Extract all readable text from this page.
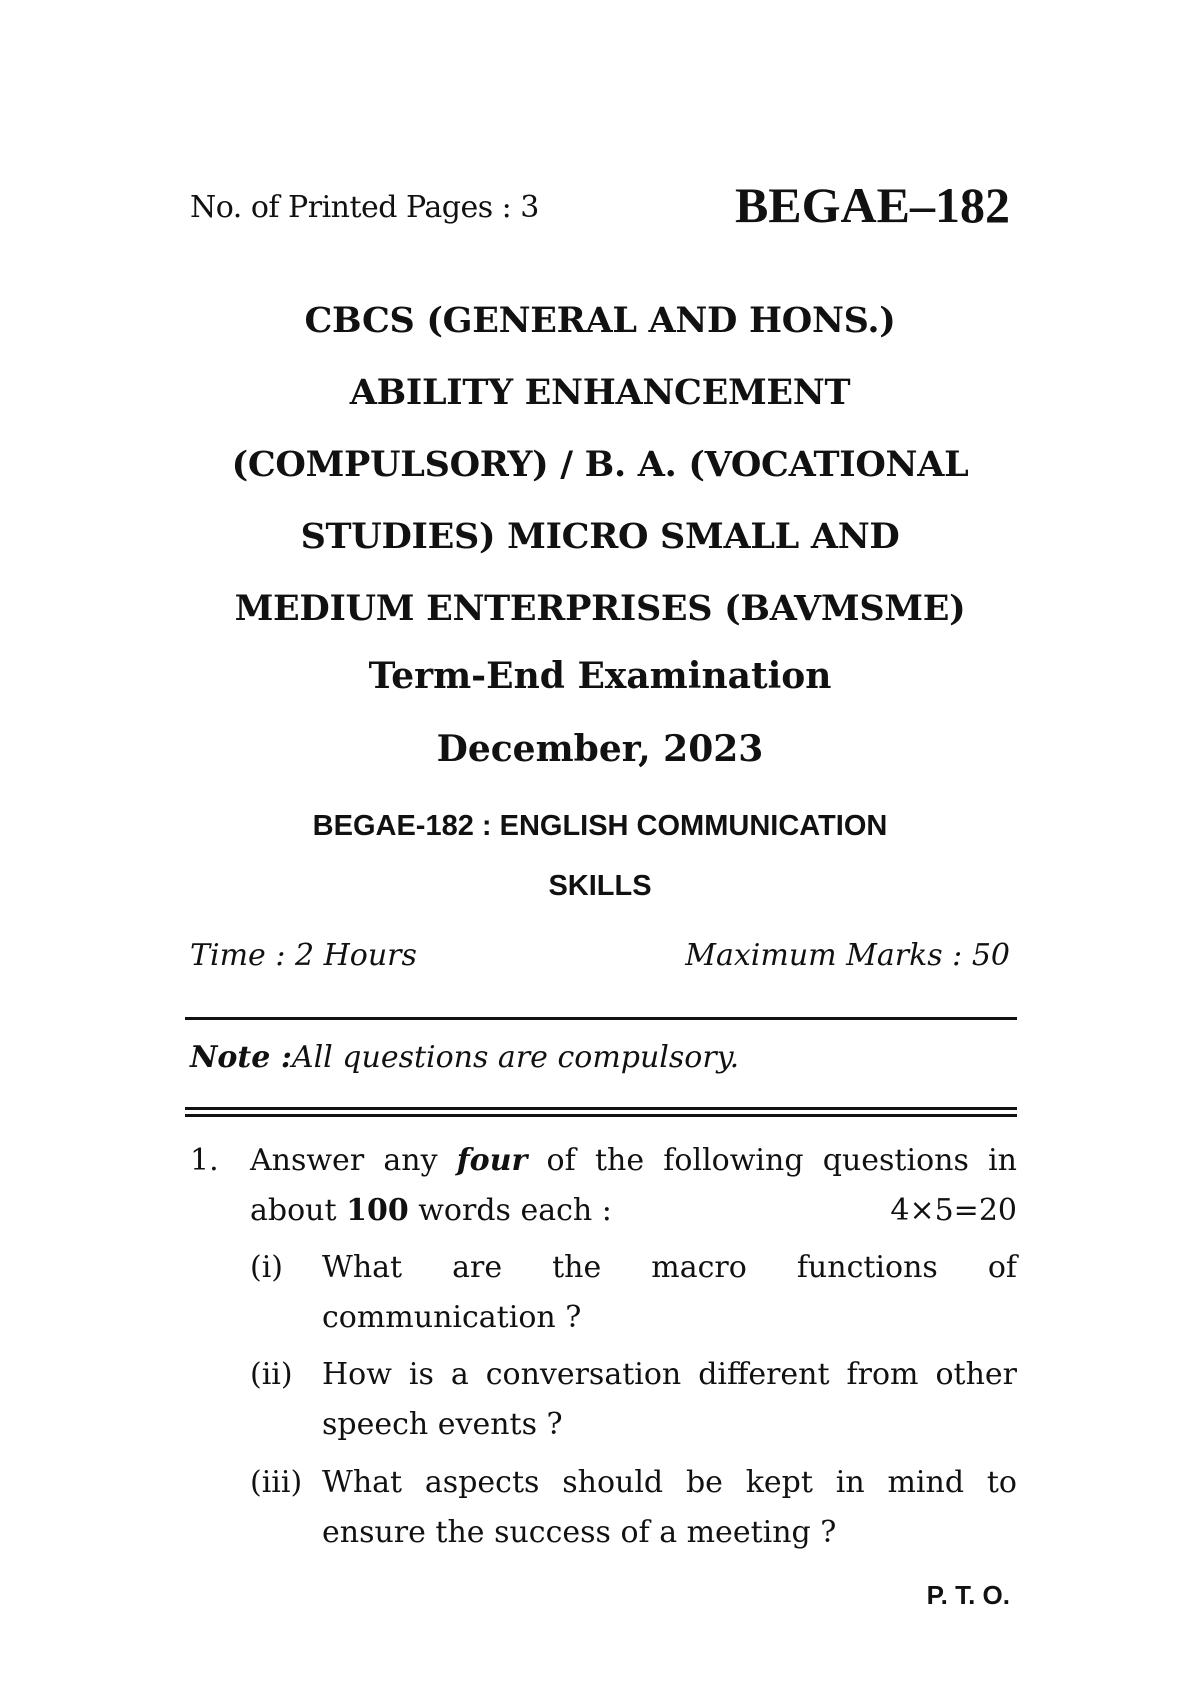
No. of Printed Pages : 3	BEGAE–182
CBCS (GENERAL AND HONS.)
ABILITY ENHANCEMENT
(COMPULSORY) / B. A. (VOCATIONAL
STUDIES) MICRO SMALL AND
MEDIUM ENTERPRISES (BAVMSME)
Term-End Examination
December, 2023
BEGAE-182 : ENGLISH COMMUNICATION
SKILLS
Time : 2 Hours	Maximum Marks : 50
Note :All questions are compulsory.
1. Answer any four of the following questions in
about 100 words each :	4×5=20
(i) What are the macro functions of
communication ?
(ii) How is a conversation different from other
speech events ?
(iii) What aspects should be kept in mind to
ensure the success of a meeting ?
P. T. O.
